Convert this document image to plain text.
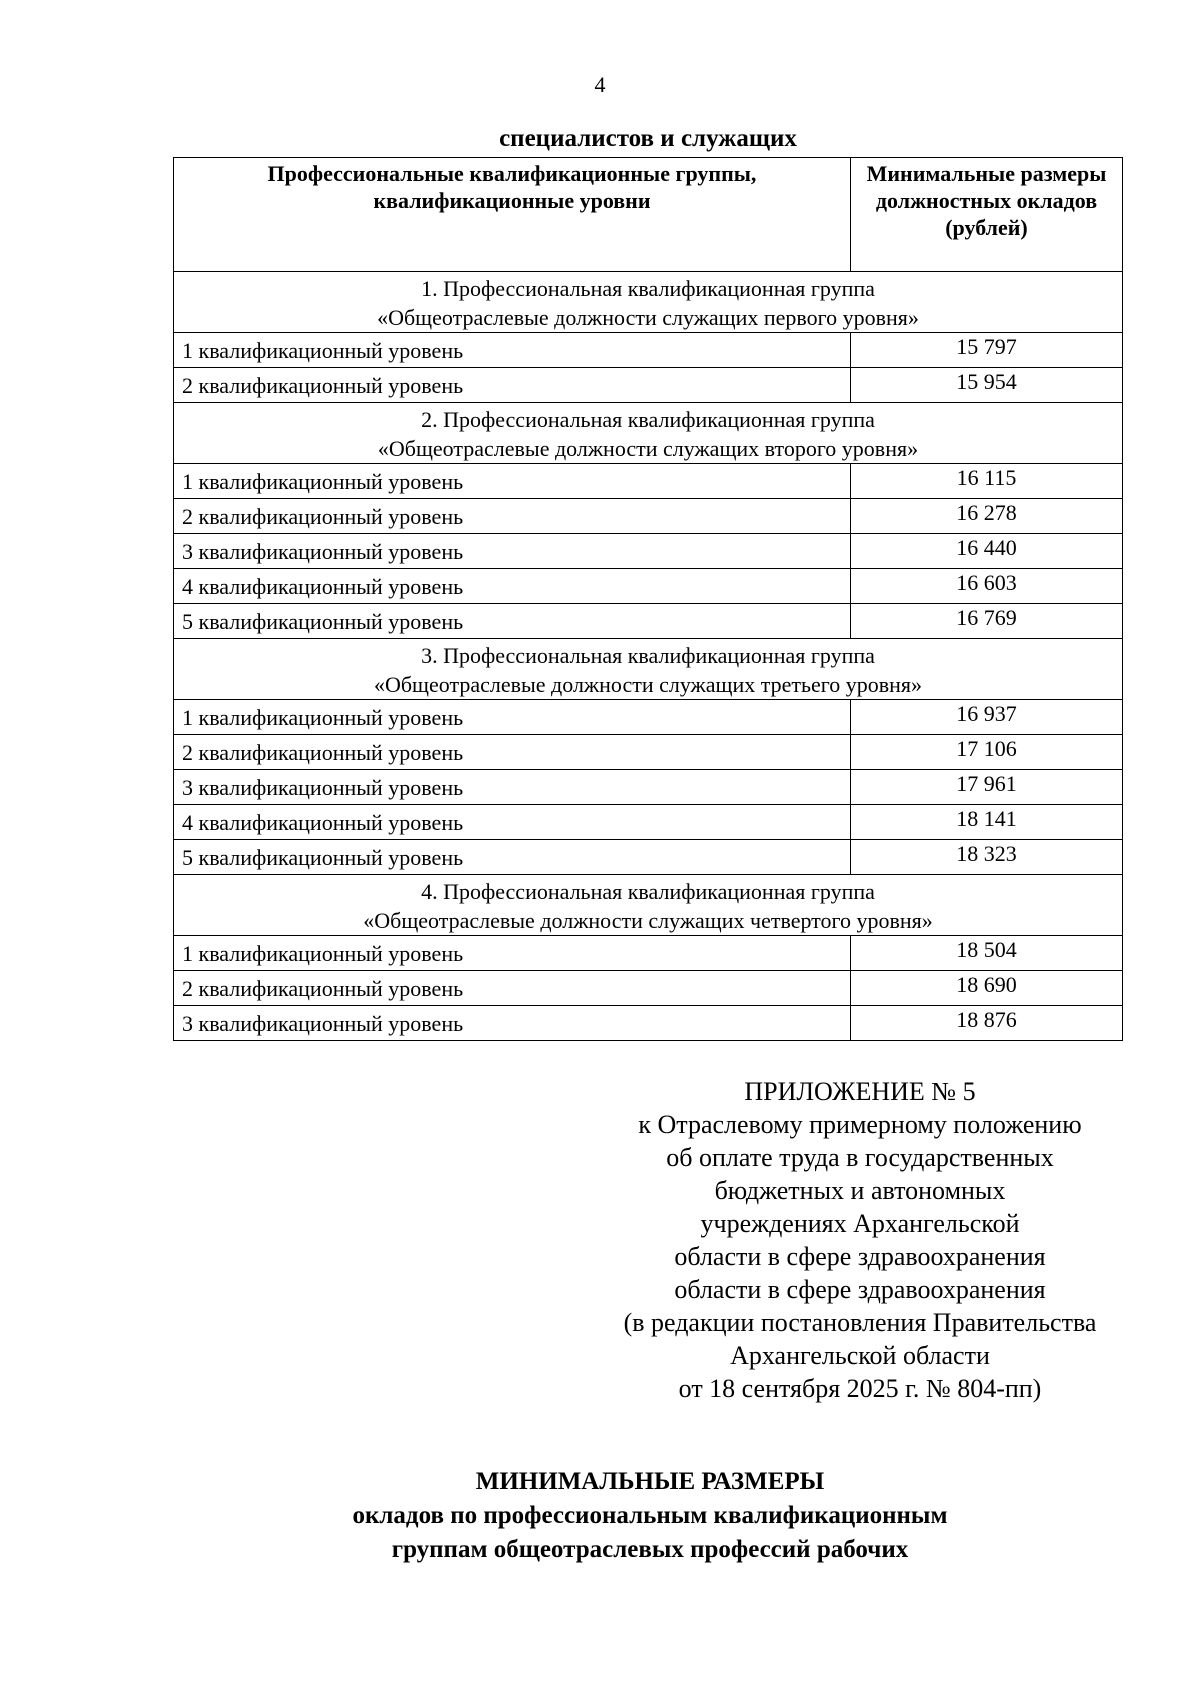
4
специалистов и служащих
Профессиональные квалификационные группы, квалификационные уровни	Минимальные размеры должностных окладов (рублей)

1. Профессиональная квалификационная группа
«Общеотраслевые должности служащих первого уровня»	

1 квалификационный уровень	15 797
2 квалификационный уровень	15 954

2. Профессиональная квалификационная группа
«Общеотраслевые должности служащих второго уровня»	

1 квалификационный уровень	16 115
2 квалификационный уровень	16 278
3 квалификационный уровень	16 440
4 квалификационный уровень	16 603
5 квалификационный уровень	16 769

3. Профессиональная квалификационная группа
«Общеотраслевые должности служащих третьего уровня»	

1 квалификационный уровень	16 937
2 квалификационный уровень	17 106
3 квалификационный уровень	17 961
4 квалификационный уровень	18 141
5 квалификационный уровень	18 323

4. Профессиональная квалификационная группа
«Общеотраслевые должности служащих четвертого уровня»	

1 квалификационный уровень	18 504
2 квалификационный уровень	18 690
3 квалификационный уровень	18 876
ПРИЛОЖЕНИЕ № 5
к Отраслевому примерному положению
об оплате труда в государственных
бюджетных и автономных
учреждениях Архангельской
области в сфере здравоохранения
области в сфере здравоохранения
(в редакции постановления Правительства
Архангельской области
от 18 сентября 2025 г. № 804-пп)
МИНИМАЛЬНЫЕ РАЗМЕРЫ
окладов по профессиональным квалификационным
группам общеотраслевых профессий рабочих
